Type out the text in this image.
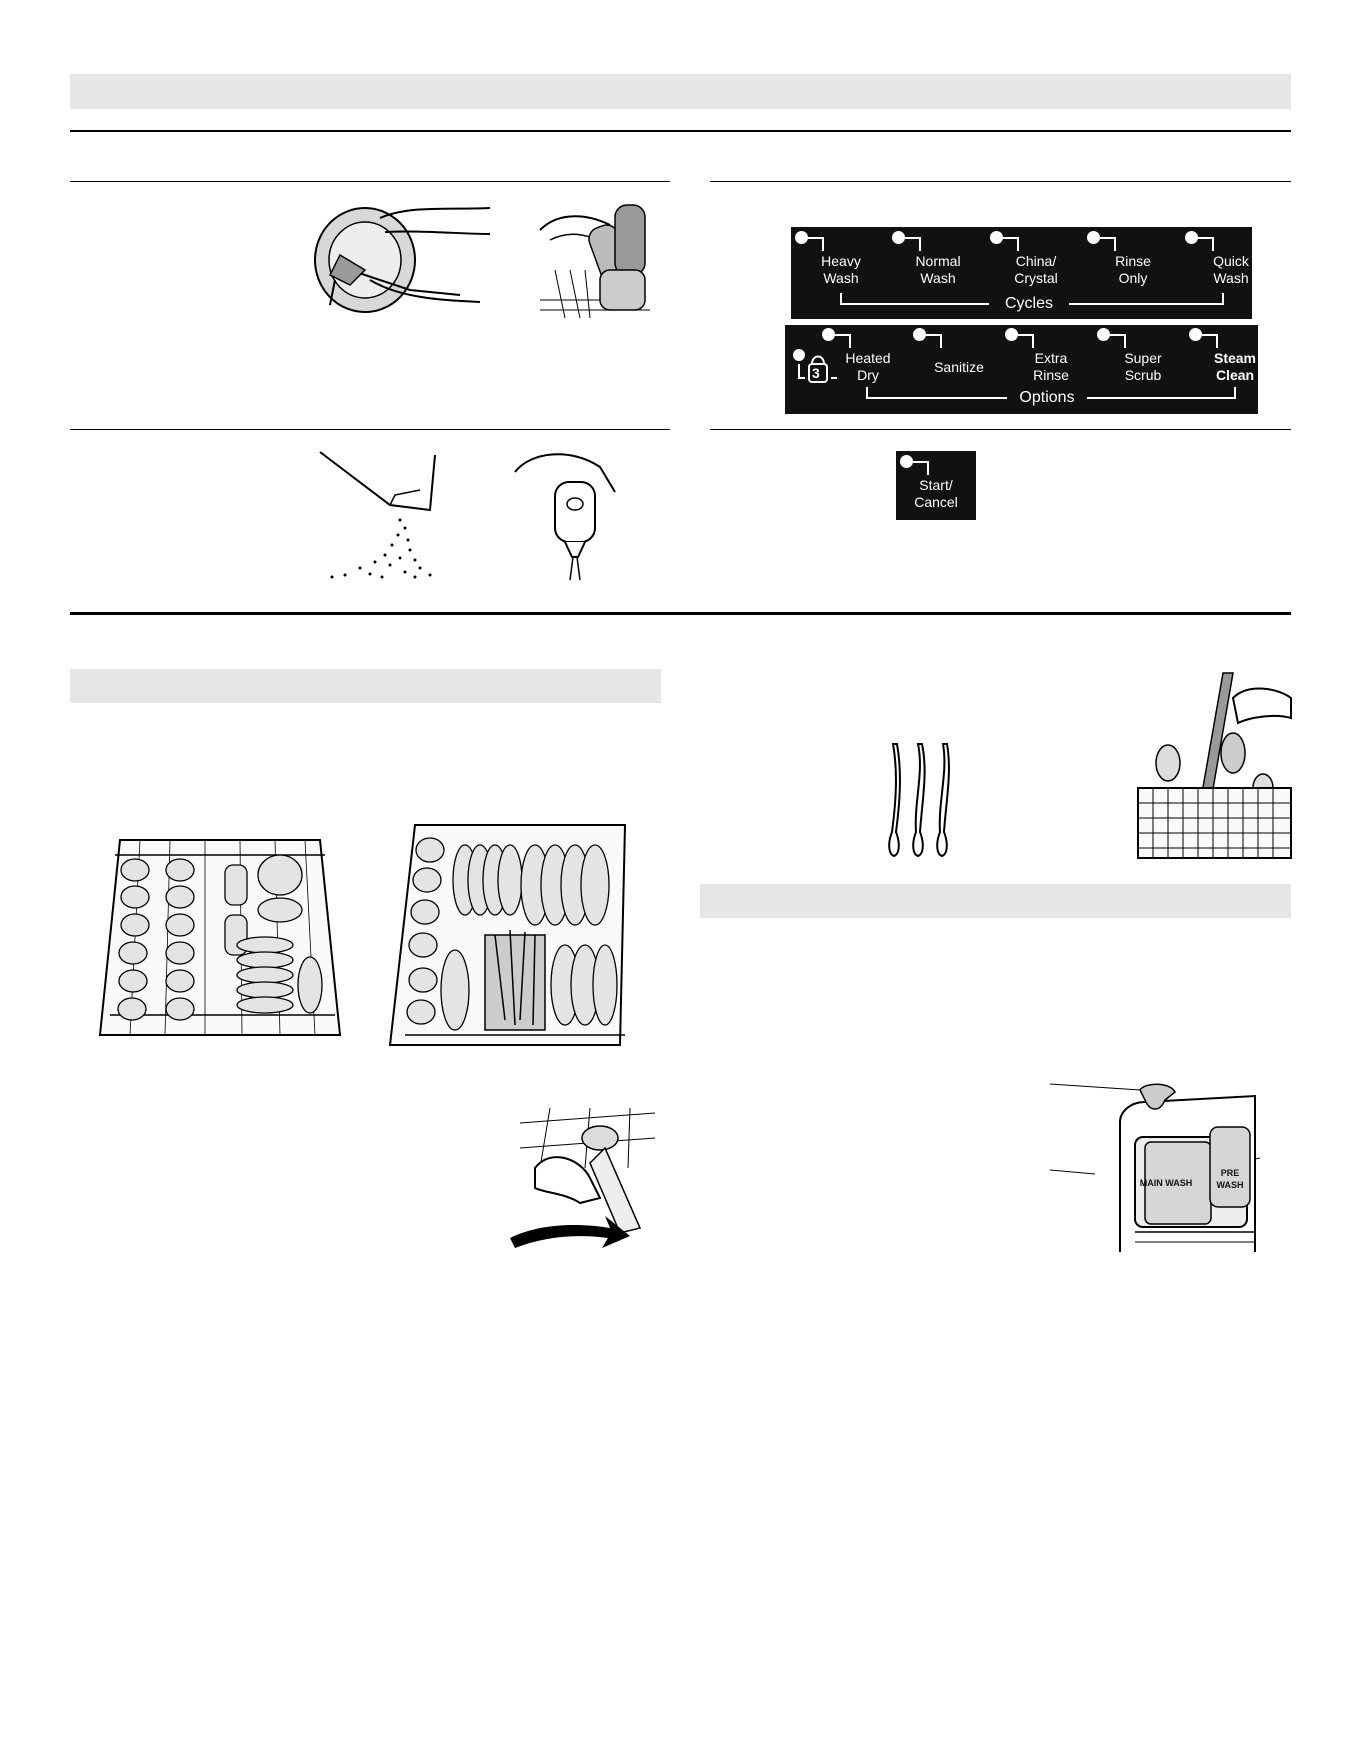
Heavy
Wash
Normal
Wash
China/
Crystal
Rinse
Only
Quick
Wash
Cycles
3
Heated
Dry	Sanitize
Extra
Rinse
Super
Scrub
Steam
Clean
Options
Start/
Cancel
MAIN WASH
PRE
WASH
